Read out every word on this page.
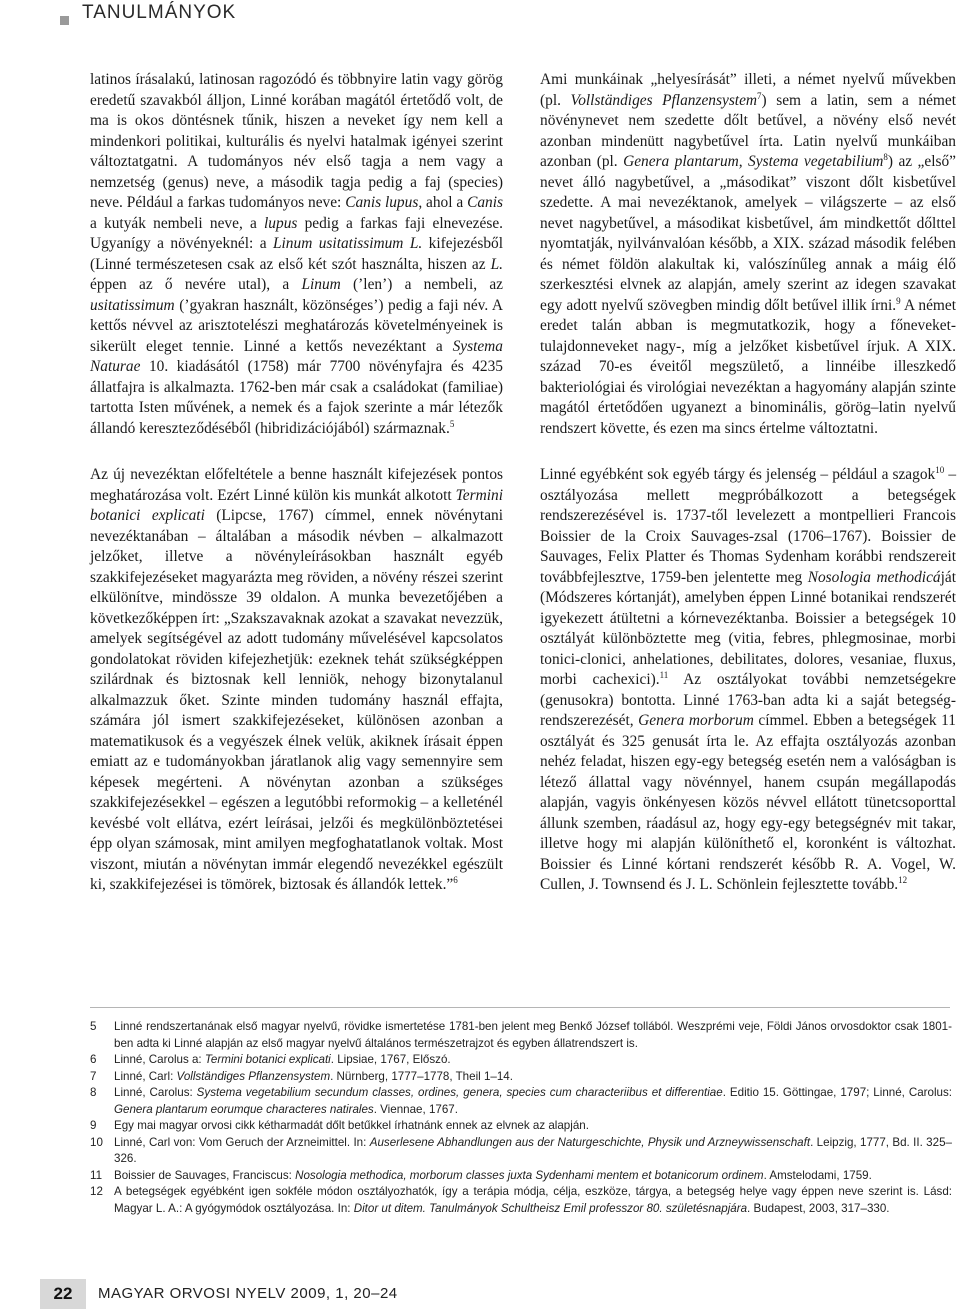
TANULMÁNYOK

latinos írásalakú, latinosan ragozódó és többnyire latin vagy görög eredetű szavakból álljon, Linné korában magától értetődő volt, de ma is okos döntésnek tűnik, hiszen a neveket így nem kell a mindenkori politikai, kulturális és nyelvi hatalmak igényei szerint változtatgatni. A tudományos név első tagja a nem vagy a nemzetség (genus) neve, a második tagja pedig a faj (species) neve. Például a farkas tudományos neve: Canis lupus, ahol a Canis a kutyák nembeli neve, a lupus pedig a farkas faji elnevezése. Ugyanígy a növényeknél: a Linum usitatissimum L. kifejezésből (Linné természetesen csak az első két szót használta, hiszen az L. éppen az ő nevére utal), a Linum (’len’) a nembeli, az usitatissimum (’gyakran használt, közönséges’) pedig a faji név. A kettős névvel az arisztotelészi meghatározás követelményeinek is sikerült eleget tennie. Linné a kettős nevezéktant a Systema Naturae 10. kiadásától (1758) már 7700 növényfajra és 4235 állatfajra is alkalmazta. 1762-ben már csak a családokat (familiae) tartotta Isten művének, a nemek és a fajok szerinte a már létezők állandó kereszteződéséből (hibridizációjából) származnak.$^5$

Az új nevezéktan előfeltétele a benne használt kifejezések pontos meghatározása volt. Ezért Linné külön kis munkát alkotott Termini botanici explicati (Lipcse, 1767) címmel, ennek növénytani nevezéktanában – általában a második névben – alkalmazott jelzőket, illetve a növényleírásokban használt egyéb szakkifejezéseket magyarázta meg röviden, a növény részei szerint elkülönítve, mindössze 39 oldalon. A munka bevezetőjében a következőképpen írt: „Szakszavaknak azokat a szavakat nevezzük, amelyek segítségével az adott tudomány művelésével kapcsolatos gondolatokat röviden kifejezhetjük: ezeknek tehát szükségképpen szilárdnak és biztosnak kell lenniök, nehogy bizonytalanul alkalmazzuk őket. Szinte minden tudomány használ effajta, számára jól ismert szakkifejezéseket, különösen azonban a matematikusok és a vegyészek élnek velük, akiknek írásait éppen emiatt az e tudományokban járatlanok alig vagy semennyire sem képesek megérteni. A növénytan azonban a szükséges szakkifejezésekkel – egészen a legutóbbi reformokig – a kelleténél kevésbé volt ellátva, ezért leírásai, jelzői és megkülönböztetései épp olyan számosak, mint amilyen megfoghatatlanok voltak. Most viszont, miután a növénytan immár elegendő nevezékkel egészült ki, szakkifejezései is tömörek, biztosak és állandók lettek.”$^6$

Ami munkáinak „helyesírását” illeti, a német nyelvű művekben (pl. Vollständiges Pflanzensystem$^7$) sem a latin, sem a német növénynevet nem szedette dőlt betűvel, a növény első nevét azonban mindenütt nagybetűvel írta. Latin nyelvű munkáiban azonban (pl. Genera plantarum, Systema vegetabilium$^8$) az „első” nevet álló nagybetűvel, a „másodikat” viszont dőlt kisbetűvel szedette. A mai nevezéktanok, amelyek – világszerte – az első nevet nagybetűvel, a másodikat kisbetűvel, ám mindkettőt dőlttel nyomtatják, nyilvánvalóan később, a XIX. század második felében és német földön alakultak ki, valószínűleg annak a máig élő szerkesztési elvnek az alapján, amely szerint az idegen szavakat egy adott nyelvű szövegben mindig dőlt betűvel illik írni.$^9$ A német eredet talán abban is megmutatkozik, hogy a főneveket-tulajdonneveket nagy-, míg a jelzőket kisbetűvel írjuk. A XIX. század 70-es éveitől megszülető, a linnéibe illeszkedő bakteriológiai és virológiai nevezéktan a hagyomány alapján szinte magától értetődően ugyanezt a binominális, görög–latin nyelvű rendszert követte, és ezen ma sincs értelme változtatni.

Linné egyébként sok egyéb tárgy és jelenség – például a szagok$^{10}$ – osztályozása mellett megpróbálkozott a betegségek rendszerezésével is. 1737-től levelezett a montpellieri Francois Boissier de la Croix Sauvages-zsal (1706–1767). Boissier de Sauvages, Felix Platter és Thomas Sydenham korábbi rendszereit továbbfejlesztve, 1759-ben jelentette meg Nosologia methodicáját (Módszeres kórtanját), amelyben éppen Linné botanikai rendszerét igyekezett átültetni a kórnevezéktanba. Boissier a betegségek 10 osztályát különböztette meg (vitia, febres, phlegmosinae, morbi tonici-clonici, anhelationes, debilitates, dolores, vesaniae, fluxus, morbi cachexici).$^{11}$ Az osztályokat további nemzetségekre (genusokra) bontotta. Linné 1763-ban adta ki a saját betegség-rendszerezését, Genera morborum címmel. Ebben a betegségek 11 osztályát és 325 genusát írta le. Az effajta osztályozás azonban nehéz feladat, hiszen egy-egy betegség esetén nem a valóságban is létező állattal vagy növénnyel, hanem csupán megállapodás alapján, vagyis önkényesen közös névvel ellátott tünetcsoporttal állunk szemben, ráadásul az, hogy egy-egy betegségnév mit takar, illetve hogy mi alapján különíthető el, koronként is változhat. Boissier és Linné kórtani rendszerét később R. A. Vogel, W. Cullen, J. Townsend és J. L. Schönlein fejlesztette tovább.$^{12}$

5	Linné rendszertanának első magyar nyelvű, rövidke ismertetése 1781-ben jelent meg Benkő József tollából. Weszprémi veje, Földi János orvosdoktor csak 1801-ben adta ki Linné alapján az első magyar nyelvű általános természetrajzot és egyben állatrendszert is.
6	Linné, Carolus a: Termini botanici explicati. Lipsiae, 1767, Előszó.
7	Linné, Carl: Vollständiges Pflanzensystem. Nürnberg, 1777–1778, Theil 1–14.
8	Linné, Carolus: Systema vegetabilium secundum classes, ordines, genera, species cum characteriibus et differentiae. Editio 15. Göttingae, 1797; Linné, Carolus: Genera plantarum eorumque characteres natirales. Viennae, 1767.
9	Egy mai magyar orvosi cikk kétharmadát dőlt betűkkel írhatnánk ennek az elvnek az alapján.
10 Linné, Carl von: Vom Geruch der Arzneimittel. In: Auserlesene Abhandlungen aus der Naturgeschichte, Physik und Arzneywissenschaft. Leipzig, 1777, Bd. II. 325–326.
11	Boissier de Sauvages, Franciscus: Nosologia methodica, morborum classes juxta Sydenhami mentem et botanicorum ordinem. Amstelodami, 1759.
12 A betegségek egyébként igen sokféle módon osztályozhatók, így a terápia módja, célja, eszköze, tárgya, a betegség helye vagy éppen neve szerint is. Lásd: Magyar L. A.: A gyógymódok osztályozása. In: Ditor ut ditem. Tanulmányok Schultheisz Emil professzor 80. születésnapjára. Budapest, 2003, 317–330.
22	MAGYAR ORVOSI NYELV 2009, 1, 20–24
